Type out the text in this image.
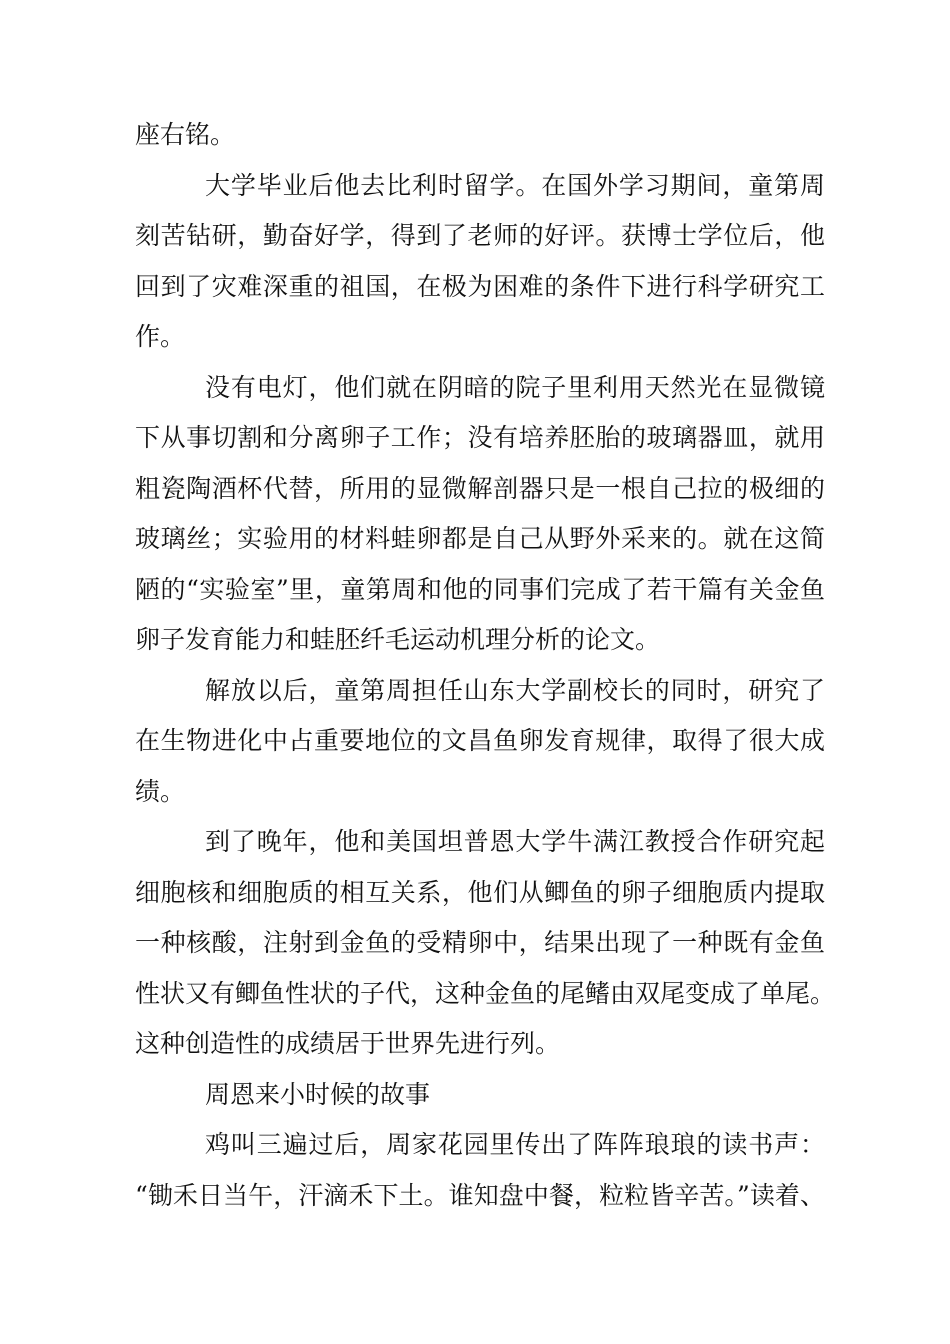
座右铭。
大学毕业后他去比利时留学。在国外学习期间，童第周
刻苦钻研，勤奋好学，得到了老师的好评。获博士学位后，他
回到了灾难深重的祖国，在极为困难的条件下进行科学研究工
作。
没有电灯，他们就在阴暗的院子里利用天然光在显微镜
下从事切割和分离卵子工作；没有培养胚胎的玻璃器皿，就用
粗瓷陶酒杯代替，所用的显微解剖器只是一根自己拉的极细的
玻璃丝；实验用的材料蛙卵都是自己从野外采来的。就在这简
陋的“实验室”里，童第周和他的同事们完成了若干篇有关金鱼
卵子发育能力和蛙胚纤毛运动机理分析的论文。
解放以后，童第周担任山东大学副校长的同时，研究了
在生物进化中占重要地位的文昌鱼卵发育规律，取得了很大成
绩。
到了晚年，他和美国坦普恩大学牛满江教授合作研究起
细胞核和细胞质的相互关系，他们从鲫鱼的卵子细胞质内提取
一种核酸，注射到金鱼的受精卵中，结果出现了一种既有金鱼
性状又有鲫鱼性状的子代，这种金鱼的尾鳍由双尾变成了单尾。
这种创造性的成绩居于世界先进行列。
周恩来小时候的故事
鸡叫三遍过后，周家花园里传出了阵阵琅琅的读书声：
“锄禾日当午，汗滴禾下土。谁知盘中餐，粒粒皆辛苦。”读着、
